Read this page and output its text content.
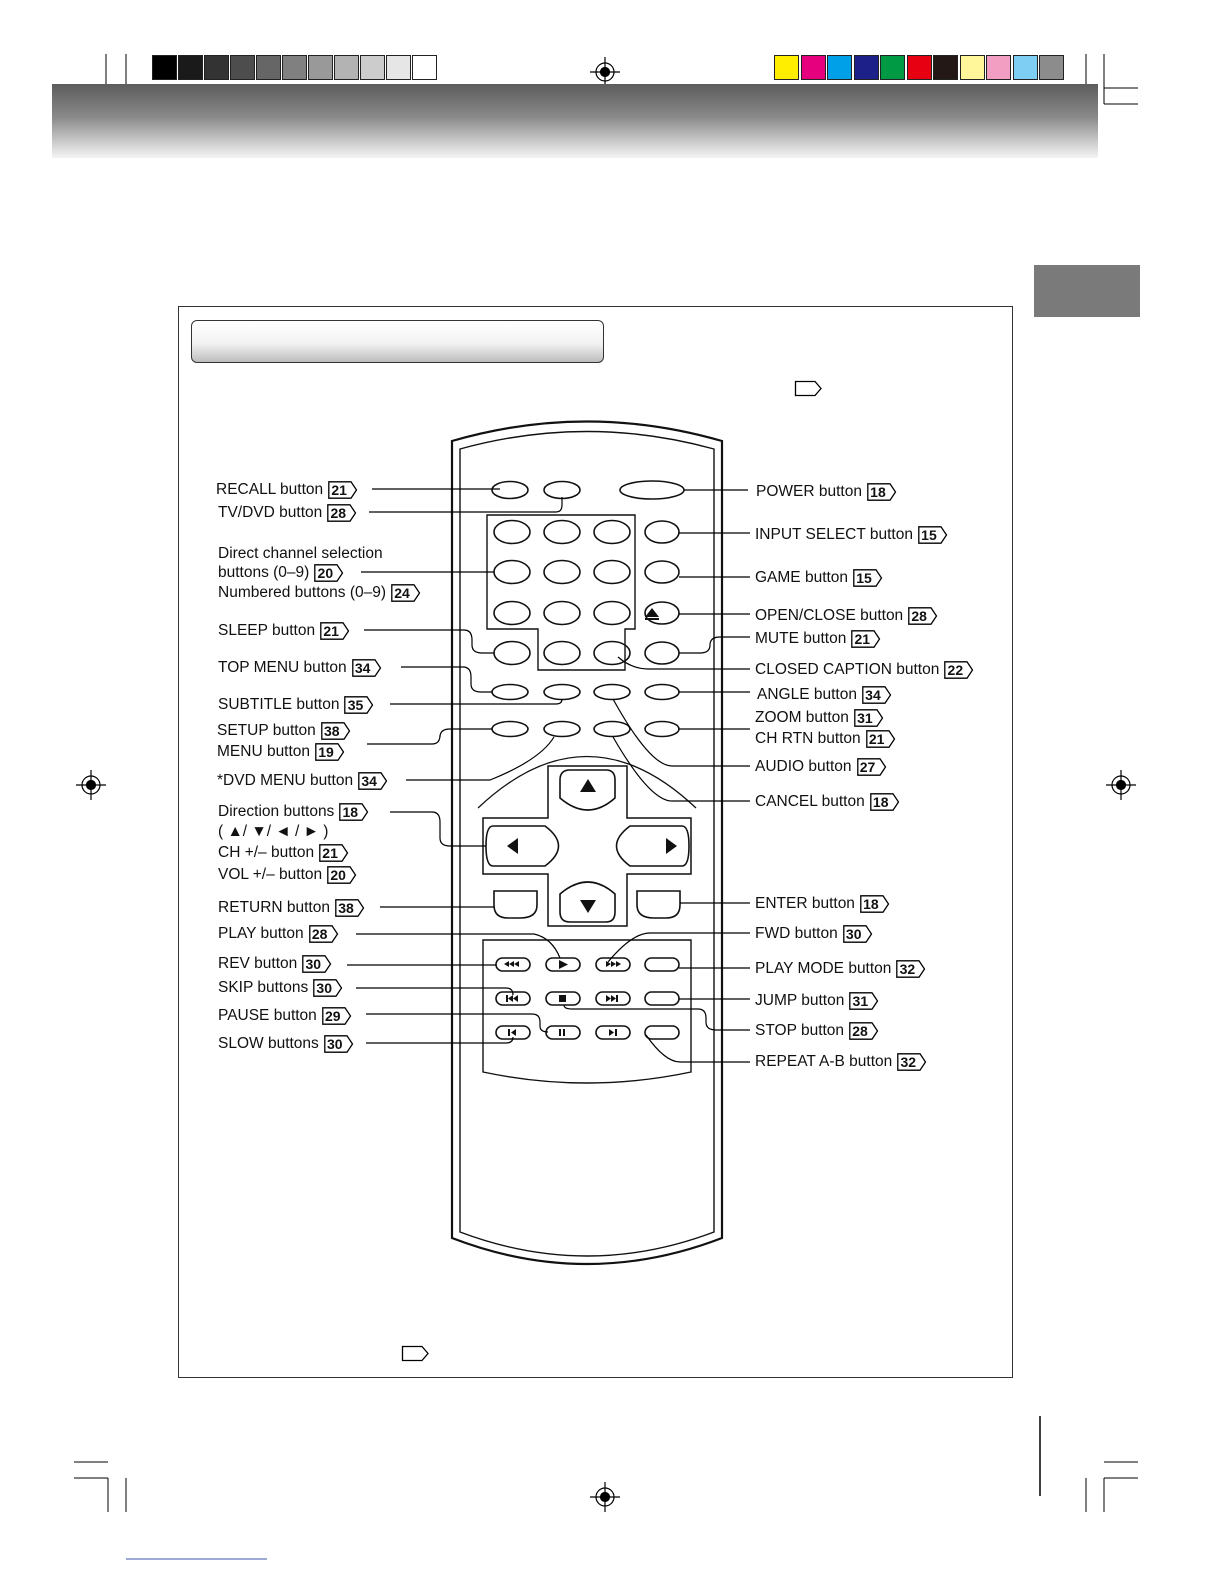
RECALL button 21
TV/DVD button 28
Direct channel selection
buttons (0–9) 20
Numbered buttons (0–9) 24
SLEEP button 21
TOP MENU button 34
SUBTITLE button 35
SETUP button 38
MENU button 19
*DVD MENU button 34
Direction buttons 18
( ▲/ ▼/ ◄ / ► )
CH +/– button 21
VOL +/– button 20
RETURN button 38
PLAY button 28
REV button 30
SKIP buttons 30
PAUSE button 29
SLOW buttons 30
POWER button 18
INPUT SELECT button 15
GAME button 15
OPEN/CLOSE button 28
MUTE button 21
CLOSED CAPTION button 22
ANGLE button 34
ZOOM button 31
CH RTN button 21
AUDIO button 27
CANCEL button 18
ENTER button 18
FWD button 30
PLAY MODE button 32
JUMP button 31
STOP button 28
REPEAT A-B button 32
